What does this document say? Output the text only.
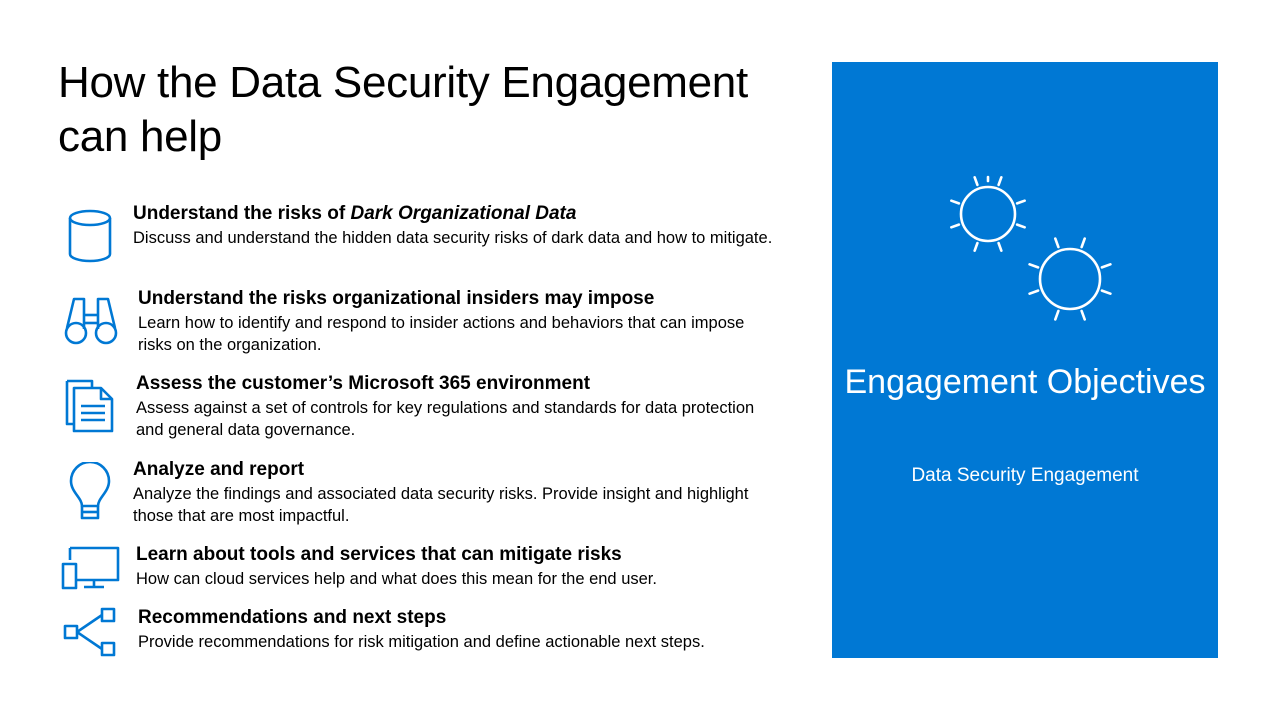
How the Data Security Engagement can help
Understand the risks of Dark Organizational Data
Discuss and understand the hidden data security risks of dark data and how to mitigate.
Understand the risks organizational insiders may impose
Learn how to identify and respond to insider actions and behaviors that can impose risks on the organization.
Assess the customer’s Microsoft 365 environment
Assess against a set of controls for key regulations and standards for data protection and general data governance.
Analyze and report
Analyze the findings and associated data security risks. Provide insight and highlight those that are most impactful.
Learn about tools and services that can mitigate risks
How can cloud services help and what does this mean for the end user.
Recommendations and next steps
Provide recommendations for risk mitigation and define actionable next steps.
Engagement Objectives
Data Security Engagement
